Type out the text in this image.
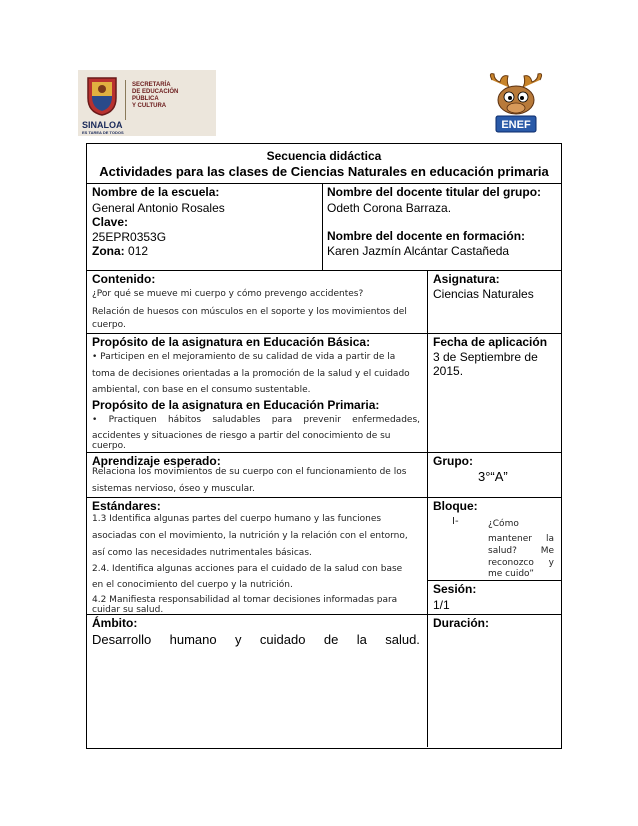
SINALOA
ES TAREA DE TODOS
SECRETARÍA
DE EDUCACIÓN
PÚBLICA
Y CULTURA
ENEF
Secuencia didáctica
Actividades para las clases de Ciencias Naturales en educación primaria
Nombre de la escuela:
General Antonio Rosales
Clave:
25EPR0353G
Zona: 012
Nombre del docente titular del grupo:
Odeth Corona Barraza.
Nombre del docente en formación:
Karen Jazmín Alcántar Castañeda
Contenido:
¿Por qué se mueve mi cuerpo y cómo prevengo accidentes?
Relación de huesos con músculos en el soporte y los movimientos del
cuerpo.
Asignatura:
Ciencias Naturales
Propósito de la asignatura en Educación Básica:
• Participen en el mejoramiento de su calidad de vida a partir de la
toma de decisiones orientadas a la promoción de la salud y el cuidado
ambiental, con base en el consumo sustentable.
Propósito de la asignatura en Educación Primaria:
• Practiquen hábitos saludables para prevenir enfermedades,
accidentes y situaciones de riesgo a partir del conocimiento de su
cuerpo.
Fecha de aplicación
3 de Septiembre de
2015.
Aprendizaje esperado:
Relaciona los movimientos de su cuerpo con el funcionamiento de los
sistemas nervioso, óseo y muscular.
Grupo:
3°“A”
Estándares:
1.3 Identifica algunas partes del cuerpo humano y las funciones
asociadas con el movimiento, la nutrición y la relación con el entorno,
así como las necesidades nutrimentales básicas.
2.4. Identifica algunas acciones para el cuidado de la salud con base
en el conocimiento del cuerpo y la nutrición.
4.2 Manifiesta responsabilidad al tomar decisiones informadas para
cuidar su salud.
Bloque:
I-	¿Cómo
mantener la
salud?	Me
reconozco y
me cuido”
Sesión:
1/1
Ámbito:
Desarrollo humano y cuidado de la salud.
Duración:
